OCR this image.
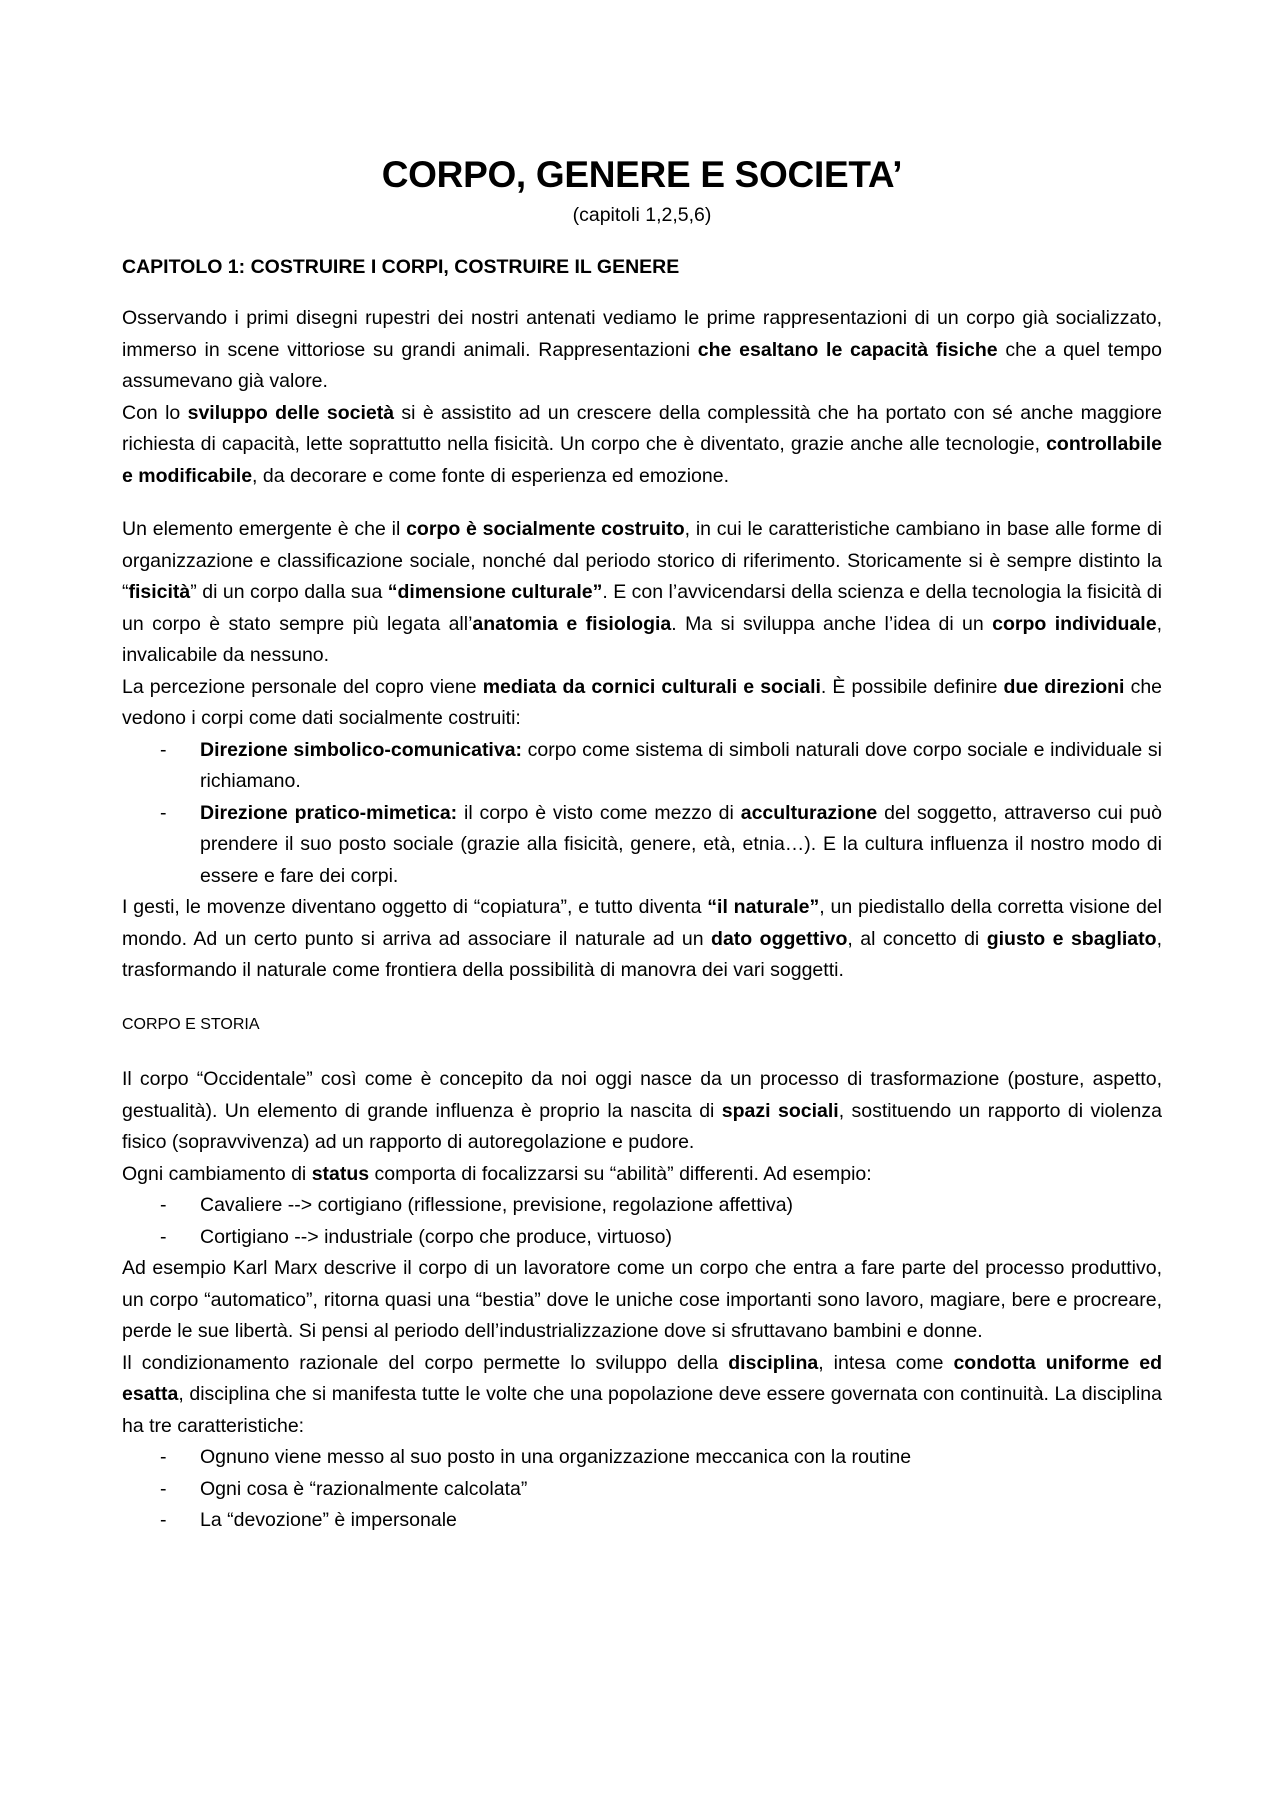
CORPO, GENERE E SOCIETA’
(capitoli 1,2,5,6)
CAPITOLO 1: COSTRUIRE I CORPI, COSTRUIRE IL GENERE

Osservando i primi disegni rupestri dei nostri antenati vediamo le prime rappresentazioni di un corpo già socializzato, immerso in scene vittoriose su grandi animali. Rappresentazioni che esaltano le capacità fisiche che a quel tempo assumevano già valore.
Con lo sviluppo delle società si è assistito ad un crescere della complessità che ha portato con sé anche maggiore richiesta di capacità, lette soprattutto nella fisicità. Un corpo che è diventato, grazie anche alle tecnologie, controllabile e modificabile, da decorare e come fonte di esperienza ed emozione.

Un elemento emergente è che il corpo è socialmente costruito, in cui le caratteristiche cambiano in base alle forme di organizzazione e classificazione sociale, nonché dal periodo storico di riferimento. Storicamente si è sempre distinto la “fisicità” di un corpo dalla sua “dimensione culturale”. E con l’avvicendarsi della scienza e della tecnologia la fisicità di un corpo è stato sempre più legata all’anatomia e fisiologia. Ma si sviluppa anche l’idea di un corpo individuale, invalicabile da nessuno.

La percezione personale del copro viene mediata da cornici culturali e sociali. È possibile definire due direzioni che vedono i corpi come dati socialmente costruiti:

- Direzione simbolico-comunicativa: corpo come sistema di simboli naturali dove corpo sociale e individuale si richiamano.
- Direzione pratico-mimetica: il corpo è visto come mezzo di acculturazione del soggetto, attraverso cui può prendere il suo posto sociale (grazie alla fisicità, genere, età, etnia…). E la cultura influenza il nostro modo di essere e fare dei corpi.

I gesti, le movenze diventano oggetto di “copiatura”, e tutto diventa “il naturale”, un piedistallo della corretta visione del mondo. Ad un certo punto si arriva ad associare il naturale ad un dato oggettivo, al concetto di giusto e sbagliato, trasformando il naturale come frontiera della possibilità di manovra dei vari soggetti.

CORPO E STORIA

Il corpo “Occidentale” così come è concepito da noi oggi nasce da un processo di trasformazione (posture, aspetto, gestualità). Un elemento di grande influenza è proprio la nascita di spazi sociali, sostituendo un rapporto di violenza fisico (sopravvivenza) ad un rapporto di autoregolazione e pudore.

Ogni cambiamento di status comporta di focalizzarsi su “abilità” differenti. Ad esempio:

- Cavaliere --> cortigiano (riflessione, previsione, regolazione affettiva)
- Cortigiano --> industriale (corpo che produce, virtuoso)

Ad esempio Karl Marx descrive il corpo di un lavoratore come un corpo che entra a fare parte del processo produttivo, un corpo “automatico”, ritorna quasi una “bestia” dove le uniche cose importanti sono lavoro, magiare, bere e procreare, perde le sue libertà. Si pensi al periodo dell’industrializzazione dove si sfruttavano bambini e donne.

Il condizionamento razionale del corpo permette lo sviluppo della disciplina, intesa come condotta uniforme ed esatta, disciplina che si manifesta tutte le volte che una popolazione deve essere governata con continuità. La disciplina ha tre caratteristiche:

- Ognuno viene messo al suo posto in una organizzazione meccanica con la routine
- Ogni cosa è “razionalmente calcolata”
- La “devozione” è impersonale
